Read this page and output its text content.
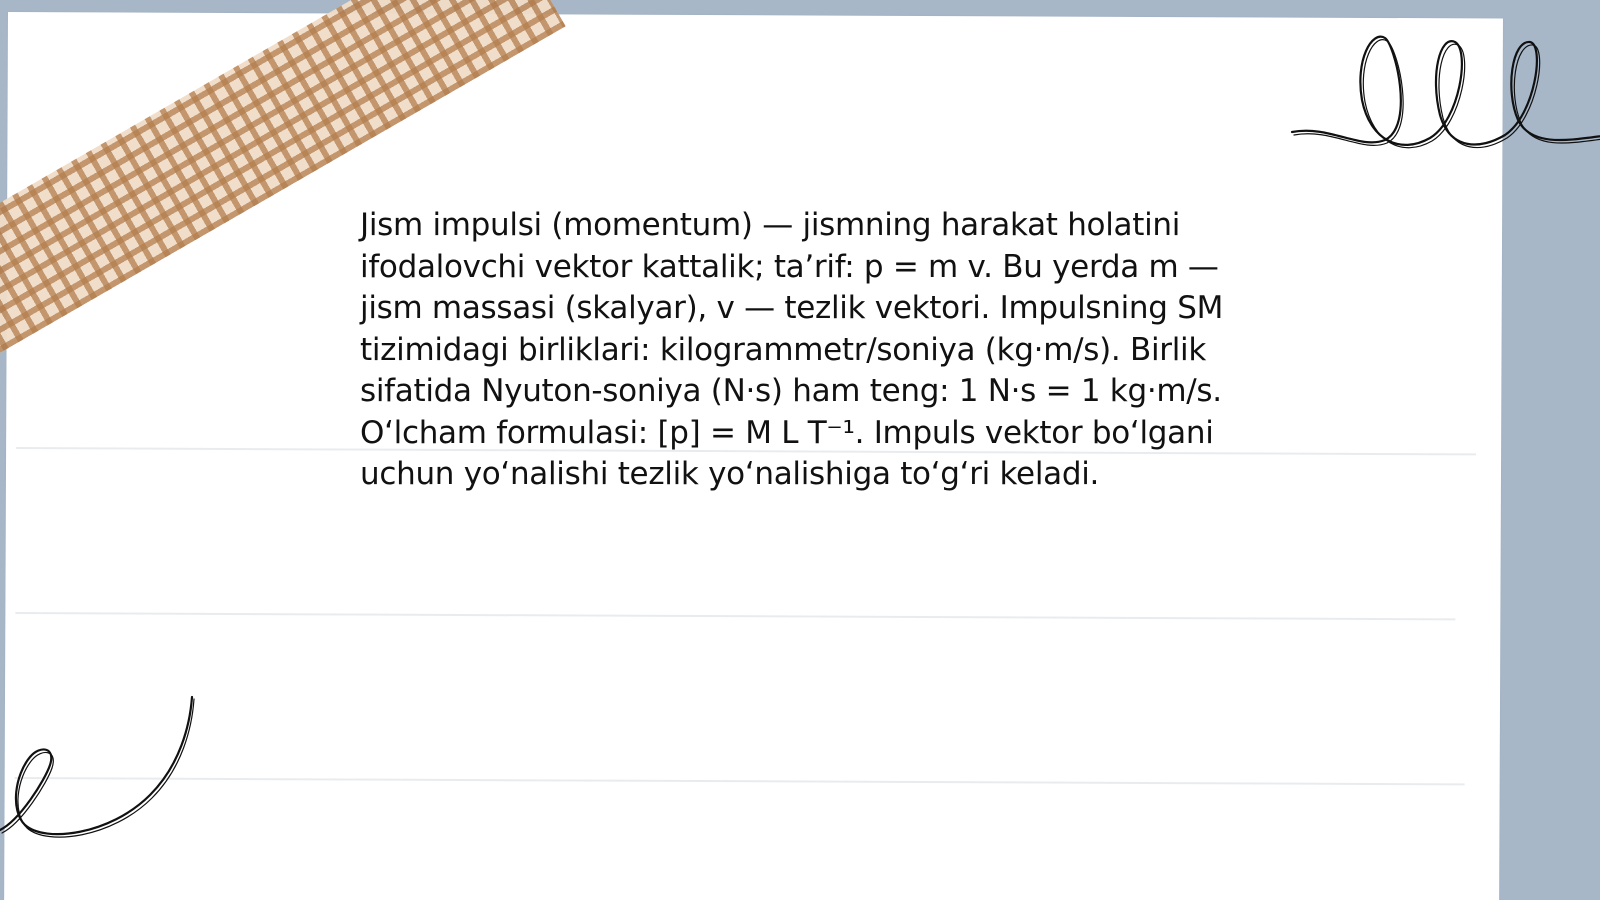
Jism impulsi (momentum) — jismning harakat holatini ifodalovchi vektor kattalik; ta’rif: p = m v. Bu yerda m — jism massasi (skalyar), v — tezlik vektori. Impulsning SM tizimidagi birliklari: kilogrammetr/soniya (kg·m/s). Birlik sifatida Nyuton-soniya (N·s) ham teng: 1 N·s = 1 kg·m/s. O‘lcham formulasi: [p] = M L T⁻¹. Impuls vektor bo‘lgani uchun yo‘nalishi tezlik yo‘nalishiga to‘g‘ri keladi.
